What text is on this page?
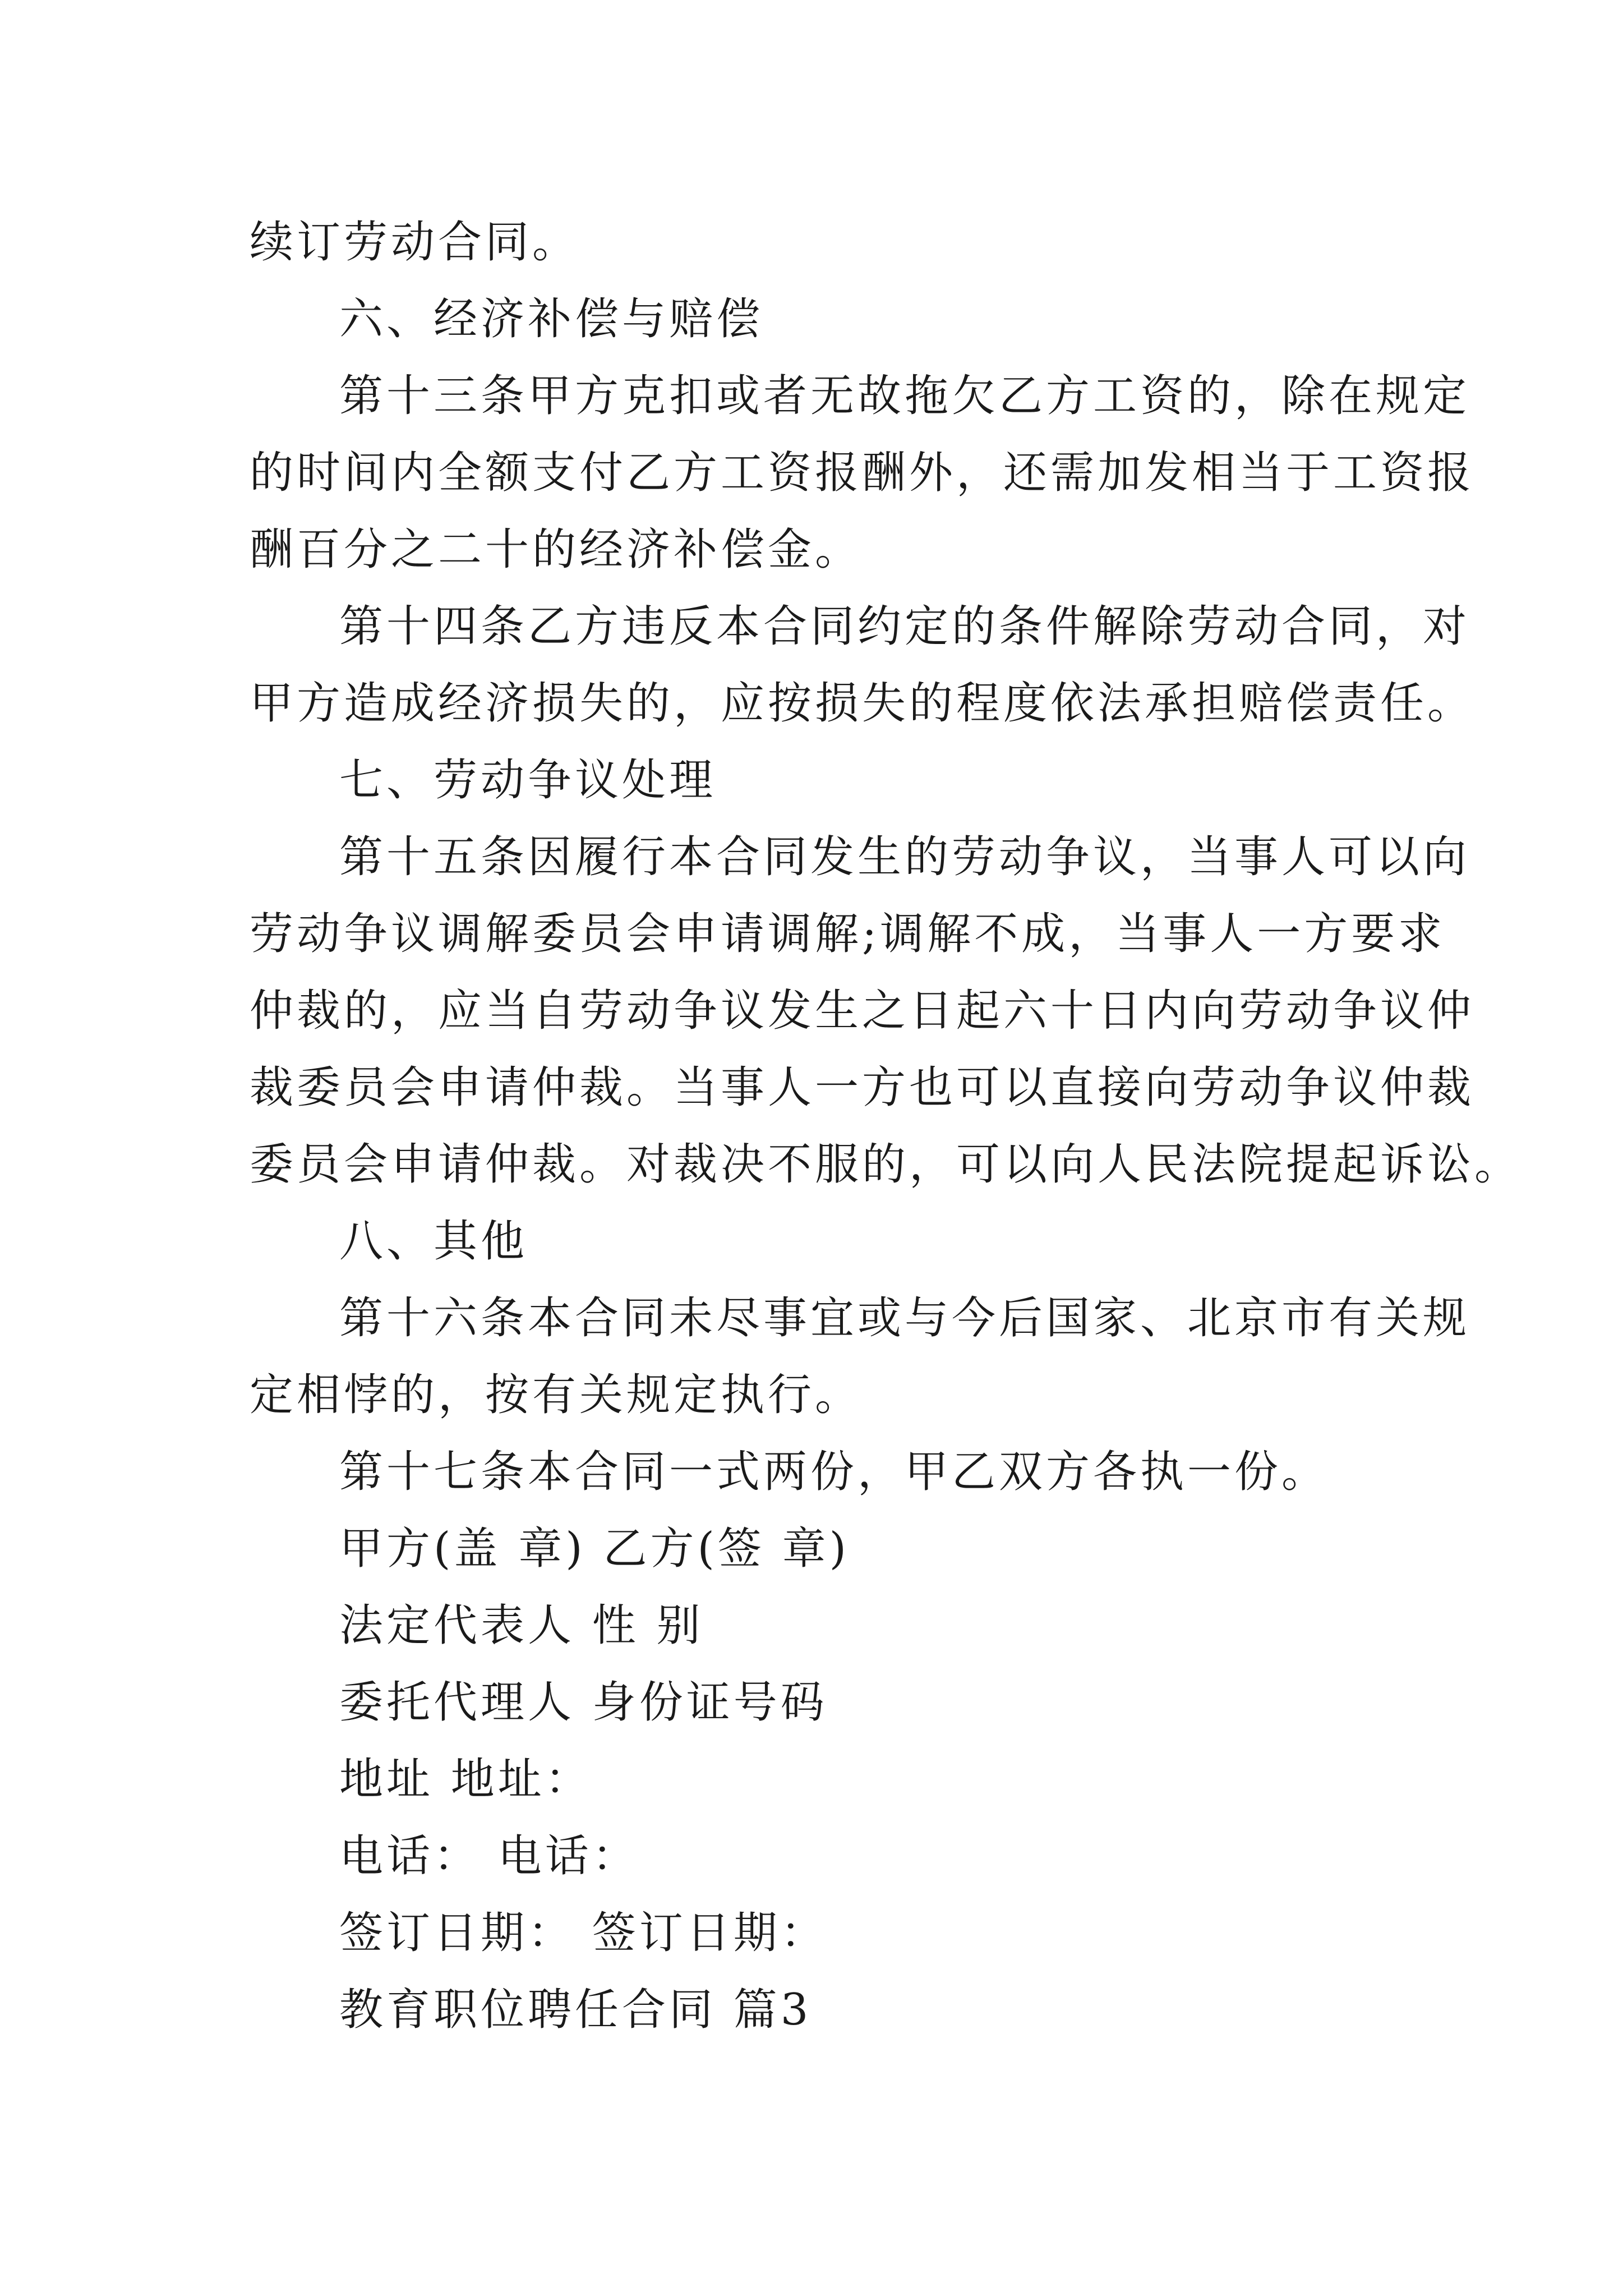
续订劳动合同。

六、经济补偿与赔偿

第十三条甲方克扣或者无故拖欠乙方工资的，除在规定

的时间内全额支付乙方工资报酬外，还需加发相当于工资报

酬百分之二十的经济补偿金。

第十四条乙方违反本合同约定的条件解除劳动合同，对

甲方造成经济损失的，应按损失的程度依法承担赔偿责任。

七、劳动争议处理

第十五条因履行本合同发生的劳动争议，当事人可以向

劳动争议调解委员会申请调解;调解不成，当事人一方要求

仲裁的，应当自劳动争议发生之日起六十日内向劳动争议仲

裁委员会申请仲裁。当事人一方也可以直接向劳动争议仲裁

委员会申请仲裁。对裁决不服的，可以向人民法院提起诉讼。

八、其他

第十六条本合同未尽事宜或与今后国家、北京市有关规

定相悖的，按有关规定执行。

第十七条本合同一式两份，甲乙双方各执一份。

甲方(盖 章) 乙方(签 章)

法定代表人 性 别

委托代理人 身份证号码

地址 地址：

电话： 电话：

签订日期： 签订日期：

教育职位聘任合同 篇3
